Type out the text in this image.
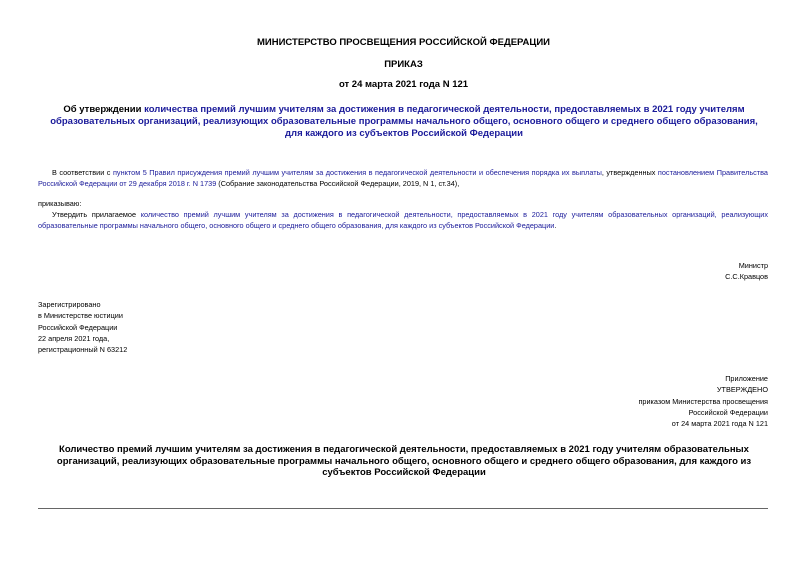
МИНИСТЕРСТВО ПРОСВЕЩЕНИЯ РОССИЙСКОЙ ФЕДЕРАЦИИ
ПРИКАЗ
от 24 марта 2021 года N 121
Об утверждении количества премий лучшим учителям за достижения в педагогической деятельности, предоставляемых в 2021 году учителям образовательных организаций, реализующих образовательные программы начального общего, основного общего и среднего общего образования, для каждого из субъектов Российской Федерации
В соответствии с пунктом 5 Правил присуждения премий лучшим учителям за достижения в педагогической деятельности и обеспечения порядка их выплаты, утвержденных постановлением Правительства Российской Федерации от 29 декабря 2018 г. N 1739 (Собрание законодательства Российской Федерации, 2019, N 1, ст.34),
приказываю:
Утвердить прилагаемое количество премий лучшим учителям за достижения в педагогической деятельности, предоставляемых в 2021 году учителям образовательных организаций, реализующих образовательные программы начального общего, основного общего и среднего общего образования, для каждого из субъектов Российской Федерации.
Министр
С.С.Кравцов
Зарегистрировано
в Министерстве юстиции
Российской Федерации
22 апреля 2021 года,
регистрационный N 63212
Приложение
УТВЕРЖДЕНО
приказом Министерства просвещения
Российской Федерации
от 24 марта 2021 года N 121
Количество премий лучшим учителям за достижения в педагогической деятельности, предоставляемых в 2021 году учителям образовательных организаций, реализующих образовательные программы начального общего, основного общего и среднего общего образования, для каждого из субъектов Российской Федерации
